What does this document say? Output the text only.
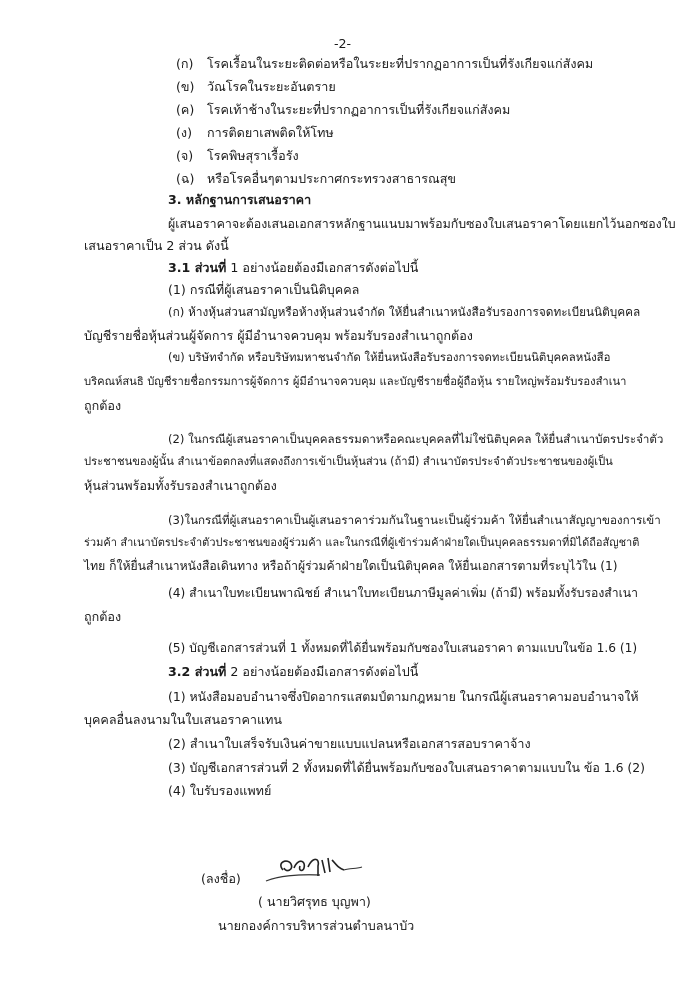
-2-
(ก) โรคเรื้อนในระยะติดต่อหรือในระยะที่ปรากฏอาการเป็นที่รังเกียจแก่สังคม
(ข) วัณโรคในระยะอันตราย
(ค) โรคเท้าช้างในระยะที่ปรากฏอาการเป็นที่รังเกียจแก่สังคม
(ง) การติดยาเสพติดให้โทษ
(จ) โรคพิษสุราเรื้อรัง
(ฉ) หรือโรคอื่นๆตามประกาศกระทรวงสาธารณสุข
3. หลักฐานการเสนอราคา
ผู้เสนอราคาจะต้องเสนอเอกสารหลักฐานแนบมาพร้อมกับซองใบเสนอราคาโดยแยกไว้นอกซองใบ
เสนอราคาเป็น 2 ส่วน ดังนี้
3.1 ส่วนที่ 1 อย่างน้อยต้องมีเอกสารดังต่อไปนี้
(1) กรณีที่ผู้เสนอราคาเป็นนิติบุคคล
(ก) ห้างหุ้นส่วนสามัญหรือห้างหุ้นส่วนจำกัด ให้ยื่นสำเนาหนังสือรับรองการจดทะเบียนนิติบุคคล
บัญชีรายชื่อหุ้นส่วนผู้จัดการ ผู้มีอำนาจควบคุม พร้อมรับรองสำเนาถูกต้อง
(ข) บริษัทจำกัด หรือบริษัทมหาชนจำกัด ให้ยื่นหนังสือรับรองการจดทะเบียนนิติบุคคลหนังสือ
บริคณห์สนธิ บัญชีรายชื่อกรรมการผู้จัดการ ผู้มีอำนาจควบคุม และบัญชีรายชื่อผู้ถือหุ้น รายใหญ่พร้อมรับรองสำเนา
ถูกต้อง
(2) ในกรณีผู้เสนอราคาเป็นบุคคลธรรมดาหรือคณะบุคคลที่ไม่ใช่นิติบุคคล ให้ยื่นสำเนาบัตรประจำตัว
ประชาชนของผู้นั้น สำเนาข้อตกลงที่แสดงถึงการเข้าเป็นหุ้นส่วน (ถ้ามี) สำเนาบัตรประจำตัวประชาชนของผู้เป็น
หุ้นส่วนพร้อมทั้งรับรองสำเนาถูกต้อง
(3)ในกรณีที่ผู้เสนอราคาเป็นผู้เสนอราคาร่วมกันในฐานะเป็นผู้ร่วมค้า ให้ยื่นสำเนาสัญญาของการเข้า
ร่วมค้า สำเนาบัตรประจำตัวประชาชนของผู้ร่วมค้า และในกรณีที่ผู้เข้าร่วมค้าฝ่ายใดเป็นบุคคลธรรมดาที่มิได้ถือสัญชาติ
ไทย ก็ให้ยื่นสำเนาหนังสือเดินทาง หรือถ้าผู้ร่วมค้าฝ่ายใดเป็นนิติบุคคล ให้ยื่นเอกสารตามที่ระบุไว้ใน (1)
(4) สำเนาใบทะเบียนพาณิชย์ สำเนาใบทะเบียนภาษีมูลค่าเพิ่ม (ถ้ามี) พร้อมทั้งรับรองสำเนา
ถูกต้อง
(5) บัญชีเอกสารส่วนที่ 1 ทั้งหมดที่ได้ยื่นพร้อมกับซองใบเสนอราคา ตามแบบในข้อ 1.6 (1)
3.2 ส่วนที่ 2 อย่างน้อยต้องมีเอกสารดังต่อไปนี้
(1) หนังสือมอบอำนาจซึ่งปิดอากรแสตมป์ตามกฎหมาย ในกรณีผู้เสนอราคามอบอำนาจให้
บุคคลอื่นลงนามในใบเสนอราคาแทน
(2) สำเนาใบเสร็จรับเงินค่าขายแบบแปลนหรือเอกสารสอบราคาจ้าง
(3) บัญชีเอกสารส่วนที่ 2 ทั้งหมดที่ได้ยื่นพร้อมกับซองใบเสนอราคาตามแบบใน ข้อ 1.6 (2)
(4) ใบรับรองแพทย์
(ลงชื่อ)
( นายวิศรุทธ บุญพา)
นายกองค์การบริหารส่วนตำบลนาบัว
